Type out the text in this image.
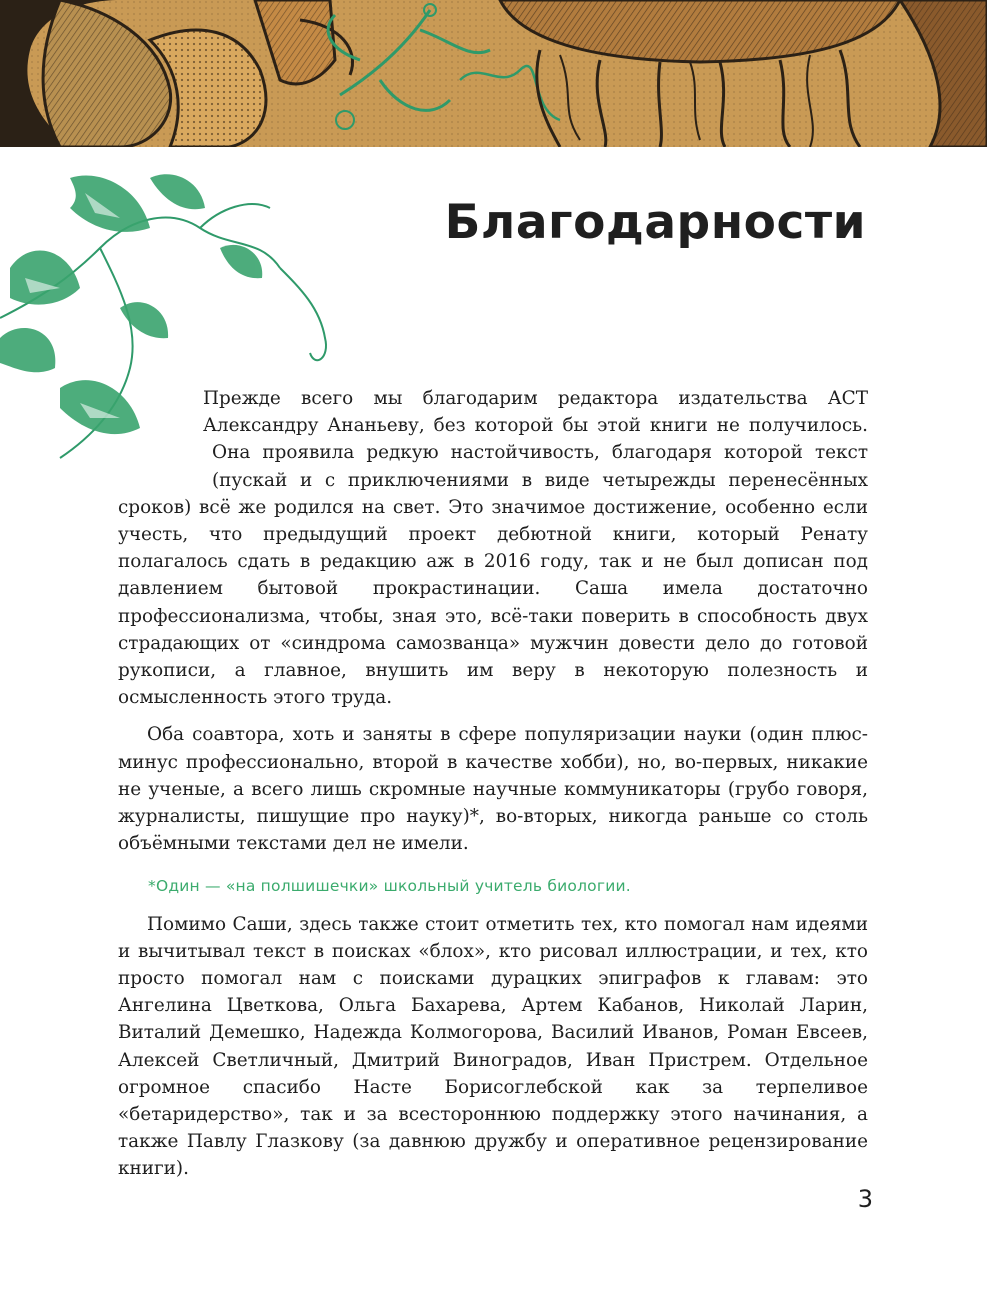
Благодарности

Прежде всего мы благодарим редактора издательства АСТ Александру Ананьеву, без которой бы этой книги не получилось. Она проявила редкую настойчивость, благодаря которой текст (пускай и с приключениями в виде четырежды перенесённых сроков) всё же родился на свет. Это значимое достижение, особенно если учесть, что предыдущий проект дебютной книги, который Ренату полагалось сдать в редакцию аж в 2016 году, так и не был дописан под давлением бытовой прокрастинации. Саша имела достаточно профессионализма, чтобы, зная это, всё-таки поверить в способность двух страдающих от «синдрома самозванца» мужчин довести дело до готовой рукописи, а главное, внушить им веру в некоторую полезность и осмысленность этого труда.

Оба соавтора, хоть и заняты в сфере популяризации науки (один плюс-минус профессионально, второй в качестве хобби), но, во-первых, никакие не ученые, а всего лишь скромные научные коммуникаторы (грубо говоря, журналисты, пишущие про науку)*, во-вторых, никогда раньше со столь объёмными текстами дел не имели.

*Один — «на полшишечки» школьный учитель биологии.

Помимо Саши, здесь также стоит отметить тех, кто помогал нам идеями и вычитывал текст в поисках «блох», кто рисовал иллюстрации, и тех, кто просто помогал нам с поисками дурацких эпиграфов к главам: это Ангелина Цветкова, Ольга Бахарева, Артем Кабанов, Николай Ларин, Виталий Демешко, Надежда Колмогорова, Василий Иванов, Роман Евсеев, Алексей Светличный, Дмитрий Виноградов, Иван Пристрем. Отдельное огромное спасибо Насте Борисоглебской как за терпеливое «бетаридерство», так и за всестороннюю поддержку этого начинания, а также Павлу Глазкову (за давнюю дружбу и оперативное рецензирование книги).

3
